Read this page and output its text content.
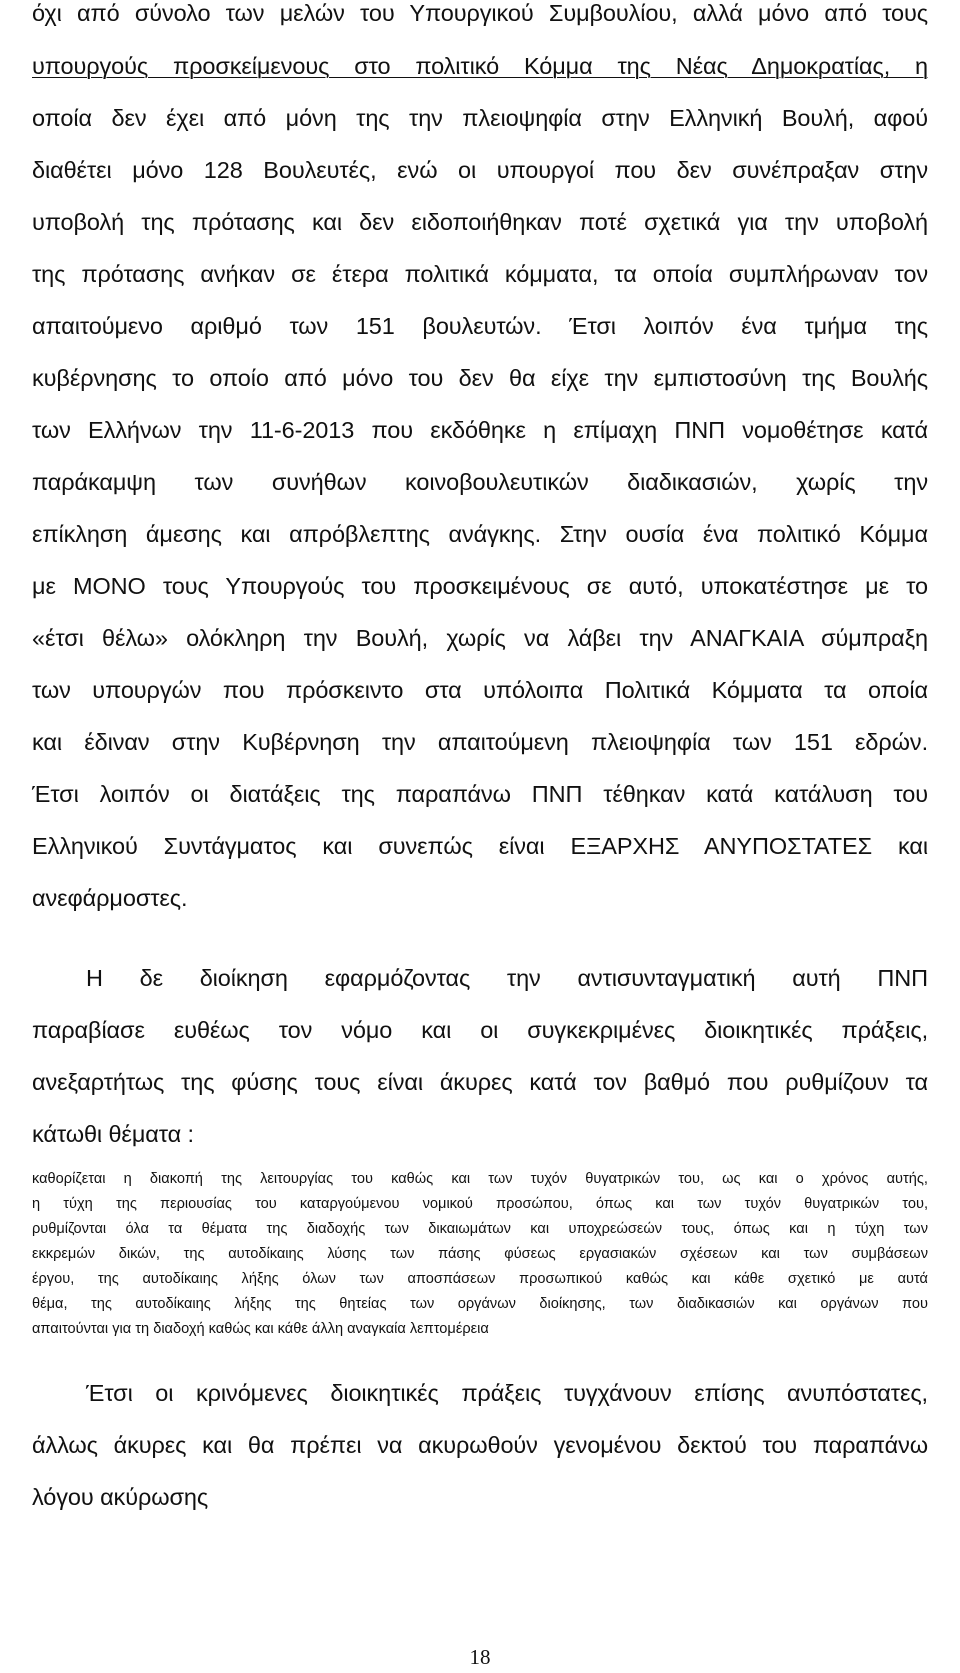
όχι από σύνολο των μελών του Υπουργικού Συμβουλίου, αλλά μόνο από τους
υπουργούς προσκείμενους στο πολιτικό Κόμμα της Νέας Δημοκρατίας, η
οποία δεν έχει από μόνη της την πλειοψηφία στην Ελληνική Βουλή, αφού
διαθέτει μόνο 128 Βουλευτές, ενώ οι υπουργοί που δεν συνέπραξαν στην
υποβολή της πρότασης και δεν ειδοποιήθηκαν ποτέ σχετικά για την υποβολή
της πρότασης ανήκαν σε έτερα πολιτικά κόμματα, τα οποία συμπλήρωναν τον
απαιτούμενο αριθμό των 151 βουλευτών. Έτσι λοιπόν ένα τμήμα της
κυβέρνησης το οποίο από μόνο του δεν θα είχε την εμπιστοσύνη της Βουλής
των Ελλήνων την 11-6-2013 που εκδόθηκε η επίμαχη ΠΝΠ νομοθέτησε κατά
παράκαμψη των συνήθων κοινοβουλευτικών διαδικασιών, χωρίς την
επίκληση άμεσης και απρόβλεπτης ανάγκης. Στην ουσία ένα πολιτικό Κόμμα
με ΜΟΝΟ τους Υπουργούς του προσκειμένους σε αυτό, υποκατέστησε με το
«έτσι θέλω» ολόκληρη την Βουλή, χωρίς να λάβει την ΑΝΑΓΚΑΙΑ σύμπραξη
των υπουργών που πρόσκειντο στα υπόλοιπα Πολιτικά Κόμματα τα οποία
και έδιναν στην Κυβέρνηση την απαιτούμενη πλειοψηφία των 151 εδρών.
Έτσι λοιπόν οι διατάξεις της παραπάνω ΠΝΠ τέθηκαν κατά κατάλυση του
Ελληνικού Συντάγματος και συνεπώς είναι ΕΞΑΡΧΗΣ ΑΝΥΠΟΣΤΑΤΕΣ και
ανεφάρμοστες.
Η δε διοίκηση εφαρμόζοντας την αντισυνταγματική αυτή ΠΝΠ
παραβίασε ευθέως τον νόμο και οι συγκεκριμένες διοικητικές πράξεις,
ανεξαρτήτως της φύσης τους είναι άκυρες κατά τον βαθμό που ρυθμίζουν τα
κάτωθι θέματα :
καθορίζεται η διακοπή της λειτουργίας του καθώς και των τυχόν θυγατρικών του, ως και ο χρόνος αυτής,
η τύχη της περιουσίας του καταργούμενου νομικού προσώπου, όπως και των τυχόν θυγατρικών του,
ρυθμίζονται όλα τα θέματα της διαδοχής των δικαιωμάτων και υποχρεώσεών τους, όπως και η τύχη των
εκκρεμών δικών, της αυτοδίκαιης λύσης των πάσης φύσεως εργασιακών σχέσεων και των συμβάσεων
έργου, της αυτοδίκαιης λήξης όλων των αποσπάσεων προσωπικού καθώς και κάθε σχετικό με αυτά
θέμα, της αυτοδίκαιης λήξης της θητείας των οργάνων διοίκησης, των διαδικασιών και οργάνων που
απαιτούνται για τη διαδοχή καθώς και κάθε άλλη αναγκαία λεπτομέρεια
Έτσι οι κρινόμενες διοικητικές πράξεις τυγχάνουν επίσης ανυπόστατες,
άλλως άκυρες και θα πρέπει να ακυρωθούν γενομένου δεκτού του παραπάνω
λόγου ακύρωσης
18
